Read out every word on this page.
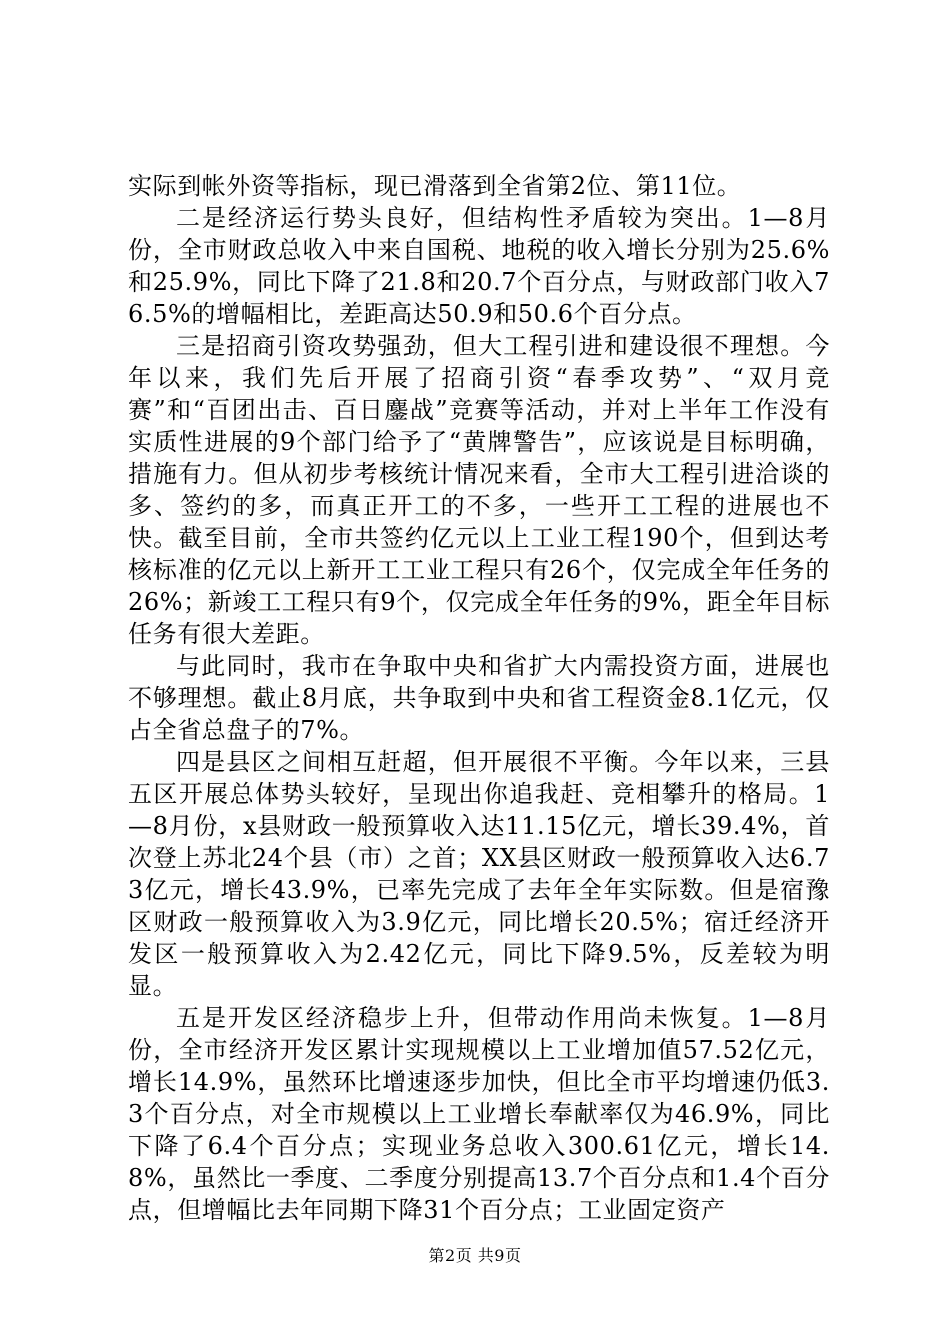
实际到帐外资等指标，现已滑落到全省第2位、第11位。

二是经济运行势头良好，但结构性矛盾较为突出。1—8月份，全市财政总收入中来自国税、地税的收入增长分别为25.6%和25.9%，同比下降了21.8和20.7个百分点，与财政部门收入76.5%的增幅相比，差距高达50.9和50.6个百分点。

三是招商引资攻势强劲，但大工程引进和建设很不理想。今年以来，我们先后开展了招商引资“春季攻势”、“双月竞赛”和“百团出击、百日鏖战”竞赛等活动，并对上半年工作没有实质性进展的9个部门给予了“黄牌警告”，应该说是目标明确，措施有力。但从初步考核统计情况来看，全市大工程引进洽谈的多、签约的多，而真正开工的不多，一些开工工程的进展也不快。截至目前，全市共签约亿元以上工业工程190个，但到达考核标准的亿元以上新开工工业工程只有26个，仅完成全年任务的26%；新竣工工程只有9个，仅完成全年任务的9%，距全年目标任务有很大差距。

与此同时，我市在争取中央和省扩大内需投资方面，进展也不够理想。截止8月底，共争取到中央和省工程资金8.1亿元，仅占全省总盘子的7%。

四是县区之间相互赶超，但开展很不平衡。今年以来，三县五区开展总体势头较好，呈现出你追我赶、竞相攀升的格局。1—8月份，x县财政一般预算收入达11.15亿元，增长39.4%，首次登上苏北24个县（市）之首；XX县区财政一般预算收入达6.73亿元，增长43.9%，已率先完成了去年全年实际数。但是宿豫区财政一般预算收入为3.9亿元，同比增长20.5%；宿迁经济开发区一般预算收入为2.42亿元，同比下降9.5%，反差较为明显。

五是开发区经济稳步上升，但带动作用尚未恢复。1—8月份，全市经济开发区累计实现规模以上工业增加值57.52亿元，增长14.9%，虽然环比增速逐步加快，但比全市平均增速仍低3.3个百分点，对全市规模以上工业增长奉献率仅为46.9%，同比下降了6.4个百分点；实现业务总收入300.61亿元，增长14.8%，虽然比一季度、二季度分别提高13.7个百分点和1.4个百分点，但增幅比去年同期下降31个百分点；工业固定资产

第2页 共9页
